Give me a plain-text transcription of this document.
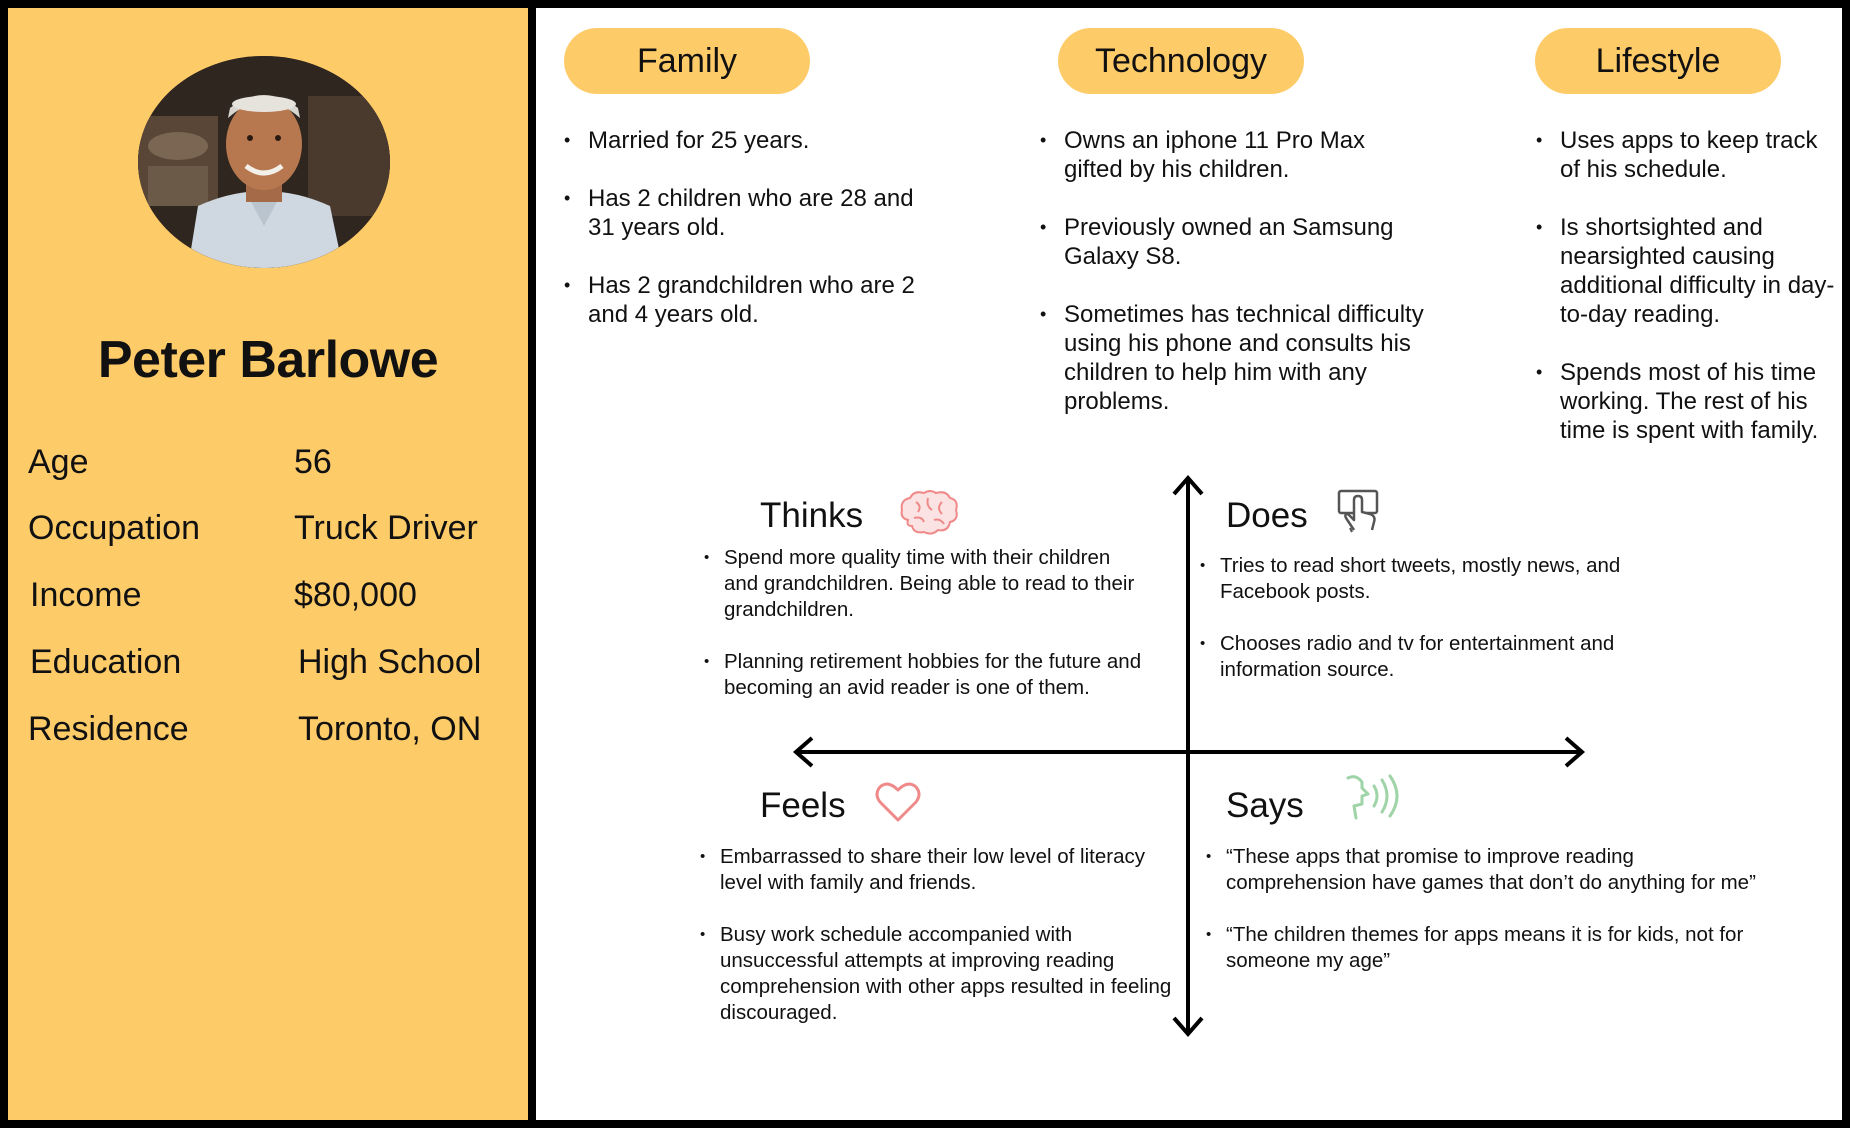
Peter Barlowe
Age	56
Occupation	Truck Driver
Income	$80,000
Education	High School
Residence	Toronto, ON
Family
• Married for 25 years.
• Has 2 children who are 28 and 31 years old.
• Has 2 grandchildren who are 2 and 4 years old.
Technology
• Owns an iphone 11 Pro Max gifted by his children.
• Previously owned an Samsung Galaxy S8.
• Sometimes has technical difficulty using his phone and consults his children to help him with any problems.
Lifestyle
• Uses apps to keep track of his schedule.
• Is shortsighted and nearsighted causing additional difficulty in day-to-day reading.
• Spends most of his time working. The rest of his time is spent with family.
Thinks
• Spend more quality time with their children and grandchildren. Being able to read to their grandchildren.
• Planning retirement hobbies for the future and becoming an avid reader is one of them.
Does
• Tries to read short tweets, mostly news, and Facebook posts.
• Chooses radio and tv for entertainment and information source.
Feels
• Embarrassed to share their low level of literacy level with family and friends.
• Busy work schedule accompanied with unsuccessful attempts at improving reading comprehension with other apps resulted in feeling discouraged.
Says
• “These apps that promise to improve reading comprehension have games that don’t do anything for me”
• “The children themes for apps means it is for kids, not for someone my age”
